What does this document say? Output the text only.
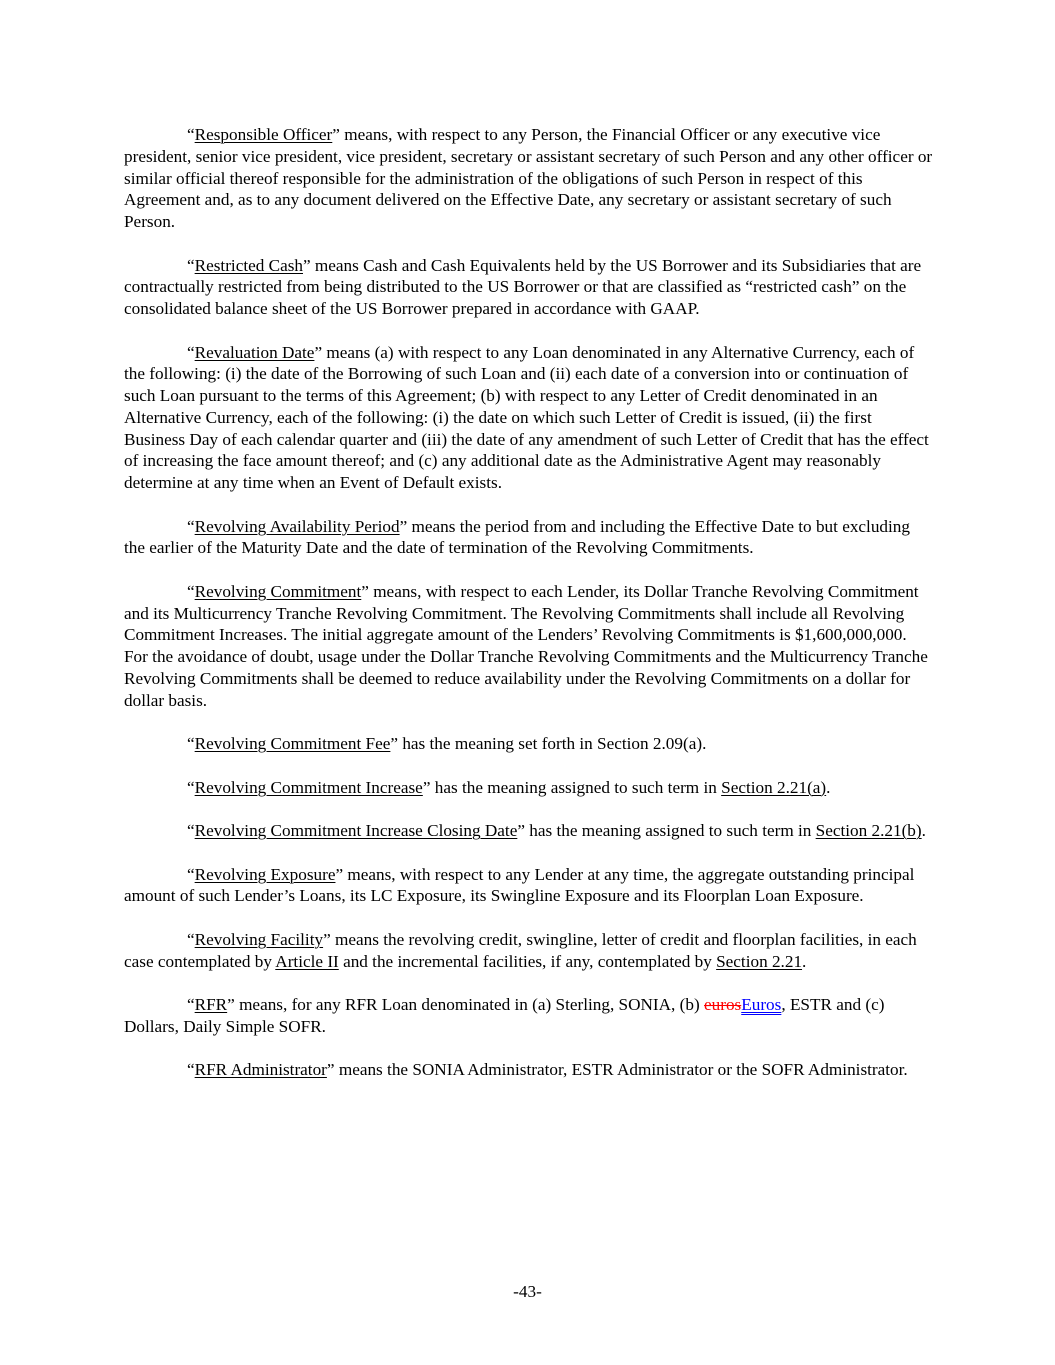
“Responsible Officer” means, with respect to any Person, the Financial Officer or any executive vice president, senior vice president, vice president, secretary or assistant secretary of such Person and any other officer or similar official thereof responsible for the administration of the obligations of such Person in respect of this Agreement and, as to any document delivered on the Effective Date, any secretary or assistant secretary of such Person.

“Restricted Cash” means Cash and Cash Equivalents held by the US Borrower and its Subsidiaries that are contractually restricted from being distributed to the US Borrower or that are classified as “restricted cash” on the consolidated balance sheet of the US Borrower prepared in accordance with GAAP.

“Revaluation Date” means (a) with respect to any Loan denominated in any Alternative Currency, each of the following: (i) the date of the Borrowing of such Loan and (ii) each date of a conversion into or continuation of such Loan pursuant to the terms of this Agreement; (b) with respect to any Letter of Credit denominated in an Alternative Currency, each of the following: (i) the date on which such Letter of Credit is issued, (ii) the first Business Day of each calendar quarter and (iii) the date of any amendment of such Letter of Credit that has the effect of increasing the face amount thereof; and (c) any additional date as the Administrative Agent may reasonably determine at any time when an Event of Default exists.

“Revolving Availability Period” means the period from and including the Effective Date to but excluding the earlier of the Maturity Date and the date of termination of the Revolving Commitments.

“Revolving Commitment” means, with respect to each Lender, its Dollar Tranche Revolving Commitment and its Multicurrency Tranche Revolving Commitment. The Revolving Commitments shall include all Revolving Commitment Increases. The initial aggregate amount of the Lenders’ Revolving Commitments is $1,600,000,000. For the avoidance of doubt, usage under the Dollar Tranche Revolving Commitments and the Multicurrency Tranche Revolving Commitments shall be deemed to reduce availability under the Revolving Commitments on a dollar for dollar basis.

“Revolving Commitment Fee” has the meaning set forth in Section 2.09(a).

“Revolving Commitment Increase” has the meaning assigned to such term in Section 2.21(a).

“Revolving Commitment Increase Closing Date” has the meaning assigned to such term in Section 2.21(b).

“Revolving Exposure” means, with respect to any Lender at any time, the aggregate outstanding principal amount of such Lender’s Loans, its LC Exposure, its Swingline Exposure and its Floorplan Loan Exposure.

“Revolving Facility” means the revolving credit, swingline, letter of credit and floorplan facilities, in each case contemplated by Article II and the incremental facilities, if any, contemplated by Section 2.21.

“RFR” means, for any RFR Loan denominated in (a) Sterling, SONIA, (b) eurosEuros, ESTR and (c) Dollars, Daily Simple SOFR.

“RFR Administrator” means the SONIA Administrator, ESTR Administrator or the SOFR Administrator.

-43-
